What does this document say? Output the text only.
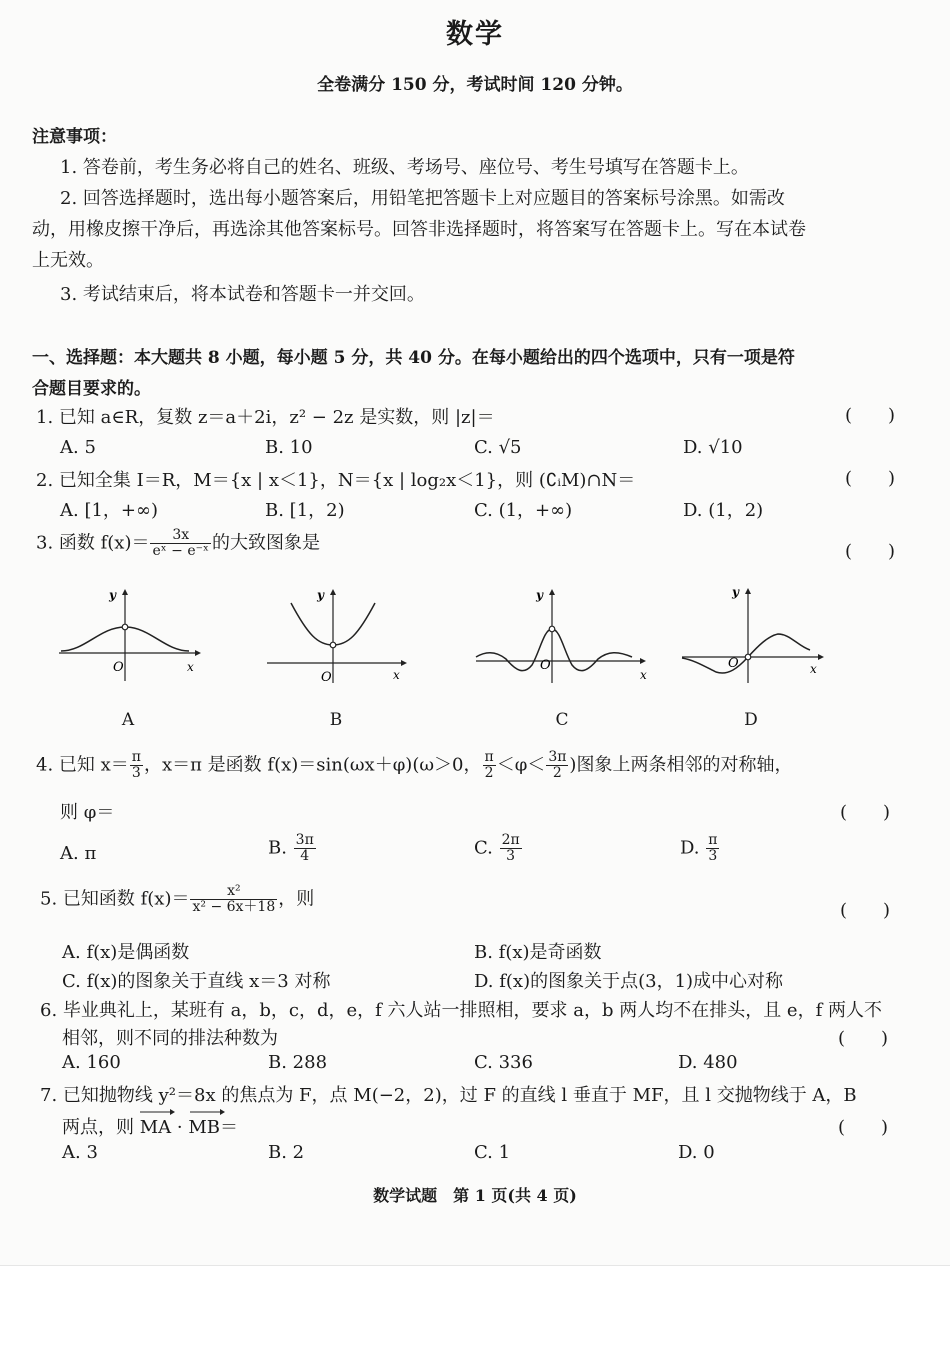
数学
全卷满分 150 分，考试时间 120 分钟。
注意事项：
1. 答卷前，考生务必将自己的姓名、班级、考场号、座位号、考生号填写在答题卡上。
2. 回答选择题时，选出每小题答案后，用铅笔把答题卡上对应题目的答案标号涂黑。如需改
动，用橡皮擦干净后，再选涂其他答案标号。回答非选择题时，将答案写在答题卡上。写在本试卷
上无效。
3. 考试结束后，将本试卷和答题卡一并交回。
一、选择题：本大题共 8 小题，每小题 5 分，共 40 分。在每小题给出的四个选项中，只有一项是符
合题目要求的。
1. 已知 a∈R，复数 z＝a＋2i，z² − 2z 是实数，则 |z|＝	(　　)
A. 5	B. 10	C. √5	D. √10
2. 已知全集 I＝R，M＝{x | x＜1}，N＝{x | log₂x＜1}，则 (∁ᵢM)∩N＝	(　　)
A. [1，+∞)	B. [1，2)	C. (1，+∞)	D. (1，2)
3. 函数 $f(x)= \frac{3x}{\text{eˣ − e⁻ˣ}}$ 的大致图象是	(　　)
O	x
y
A
O	x
y
B
O
x
y
C
O	x
y
D
4. 已知 $x= \frac{\pi}{3}$ ，x＝π 是函数 f(x)＝sin(ωx＋φ)(ω＞0， $\frac{\pi}{2} <\varphi< \frac{3\pi}{2}$ )图象上两条相邻的对称轴，
则 φ＝	(　　)
A. π	B. $\frac{3\pi}{4}$	C. $\frac{2\pi}{3}$	D. $\frac{\pi}{3}$
5. 已知函数 $f(x)= \frac{\text{x²}}{\text{x² − 6x＋18}}$ ，则
(　　)
A. f(x)是偶函数	B. f(x)是奇函数
C. f(x)的图象关于直线 x＝3 对称	D. f(x)的图象关于点(3，1)成中心对称
6. 毕业典礼上，某班有 a，b，c，d，e，f 六人站一排照相，要求 a，b 两人均不在排头，且 e，f 两人不
相邻，则不同的排法种数为	(　　)
A. 160	B. 288	C. 336	D. 480
7. 已知抛物线 y²＝8x 的焦点为 F，点 M(−2，2)，过 F 的直线 l 垂直于 MF，且 l 交抛物线于 A，B
两点，则 MA · MB＝	(　　)
A. 3	B. 2	C. 1	D. 0
数学试题　第 1 页(共 4 页)
